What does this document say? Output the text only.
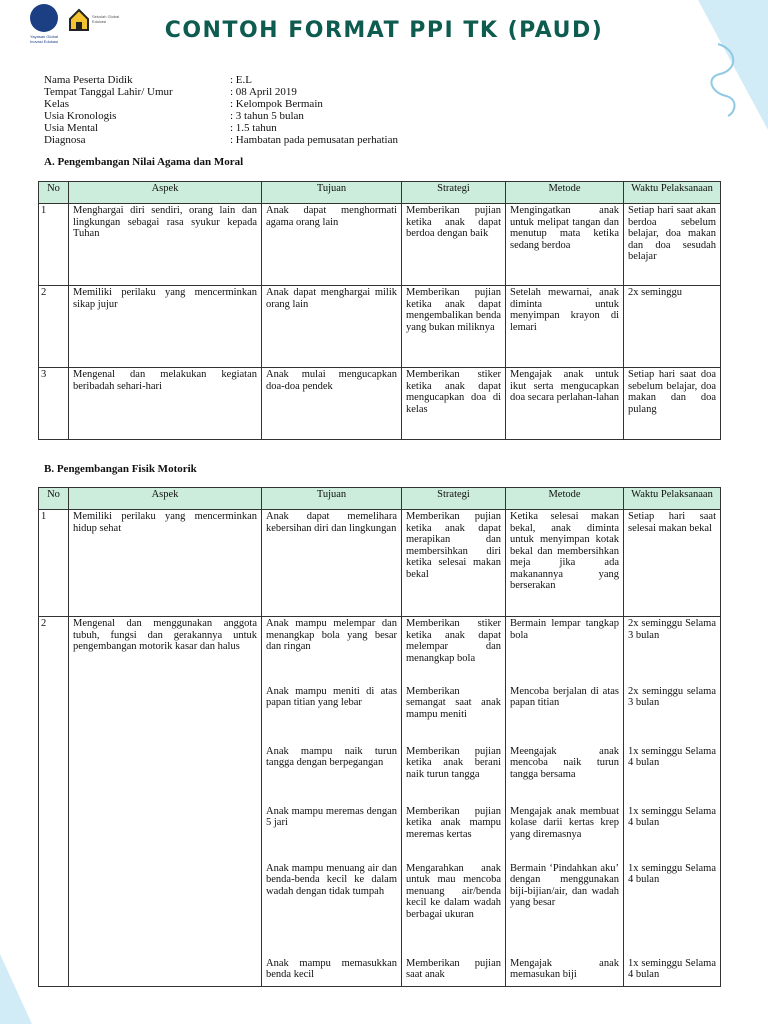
Yayasan Global Inovasi Edukasi
Sekolah Global Edukasi	CONTOH FORMAT PPI TK (PAUD)
Nama Peserta Didik	: E.L
Tempat Tanggal Lahir/ Umur	: 08 April 2019
Kelas	: Kelompok Bermain
Usia Kronologis	: 3 tahun 5 bulan
Usia Mental	: 1.5 tahun
Diagnosa	: Hambatan pada pemusatan perhatian
A. Pengembangan Nilai Agama dan Moral
No	Aspek	Tujuan	Strategi	Metode	Waktu Pelaksanaan
1	Menghargai diri sendiri, orang lain dan lingkungan sebagai rasa syukur kepada Tuhan	Anak dapat menghormati agama orang lain	Memberikan pujian ketika anak dapat berdoa dengan baik	Mengingatkan anak untuk melipat tangan dan menutup mata ketika sedang berdoa	Setiap hari saat akan berdoa sebelum belajar, doa makan dan doa sesudah belajar
2	Memiliki perilaku yang mencerminkan sikap jujur	Anak dapat menghargai milik orang lain	Memberikan pujian ketika anak dapat mengembalikan benda yang bukan miliknya	Setelah mewarnai, anak diminta untuk menyimpan krayon di lemari	2x seminggu
3	Mengenal dan melakukan kegiatan beribadah sehari-hari	Anak mulai mengucapkan doa-doa pendek	Memberikan stiker ketika anak dapat mengucapkan doa di kelas	Mengajak anak untuk ikut serta mengucapkan doa secara perlahan-lahan	Setiap hari saat doa sebelum belajar, doa makan dan doa pulang
B. Pengembangan Fisik Motorik
No	Aspek	Tujuan	Strategi	Metode	Waktu Pelaksanaan
1	Memiliki perilaku yang mencerminkan hidup sehat	Anak dapat memelihara kebersihan diri dan lingkungan	Memberikan pujian ketika anak dapat merapikan dan membersihkan diri ketika selesai makan bekal	Ketika selesai makan bekal, anak diminta untuk menyimpan kotak bekal dan membersihkan meja jika ada makanannya yang berserakan	Setiap hari saat selesai makan bekal
2	Mengenal dan menggunakan anggota tubuh, fungsi dan gerakannya untuk pengembangan motorik kasar dan halus	Anak mampu melempar dan menangkap bola yang besar dan ringan	Memberikan stiker ketika anak dapat melempar dan menangkap bola	Bermain lempar tangkap bola	2x seminggu Selama 3 bulan
		Anak mampu meniti di atas papan titian yang lebar	Memberikan semangat saat anak mampu meniti	Mencoba berjalan di atas papan titian	2x seminggu selama 3 bulan
		Anak mampu naik turun tangga dengan berpegangan	Memberikan pujian ketika anak berani naik turun tangga	Meengajak anak mencoba naik turun tangga bersama	1x seminggu Selama 4 bulan
		Anak mampu meremas dengan 5 jari	Memberikan pujian ketika anak mampu meremas kertas	Mengajak anak membuat kolase darii kertas krep yang diremasnya	1x seminggu Selama 4 bulan
		Anak mampu menuang air dan benda-benda kecil ke dalam wadah dengan tidak tumpah	Mengarahkan anak untuk mau mencoba menuang air/benda kecil ke dalam wadah berbagai ukuran	Bermain ‘Pindahkan aku’ dengan menggunakan biji-bijian/air, dan wadah yang besar	1x seminggu Selama 4 bulan
		Anak mampu memasukkan benda kecil	Memberikan pujian saat anak	Mengajak anak memasukan biji	1x seminggu Selama 4 bulan
